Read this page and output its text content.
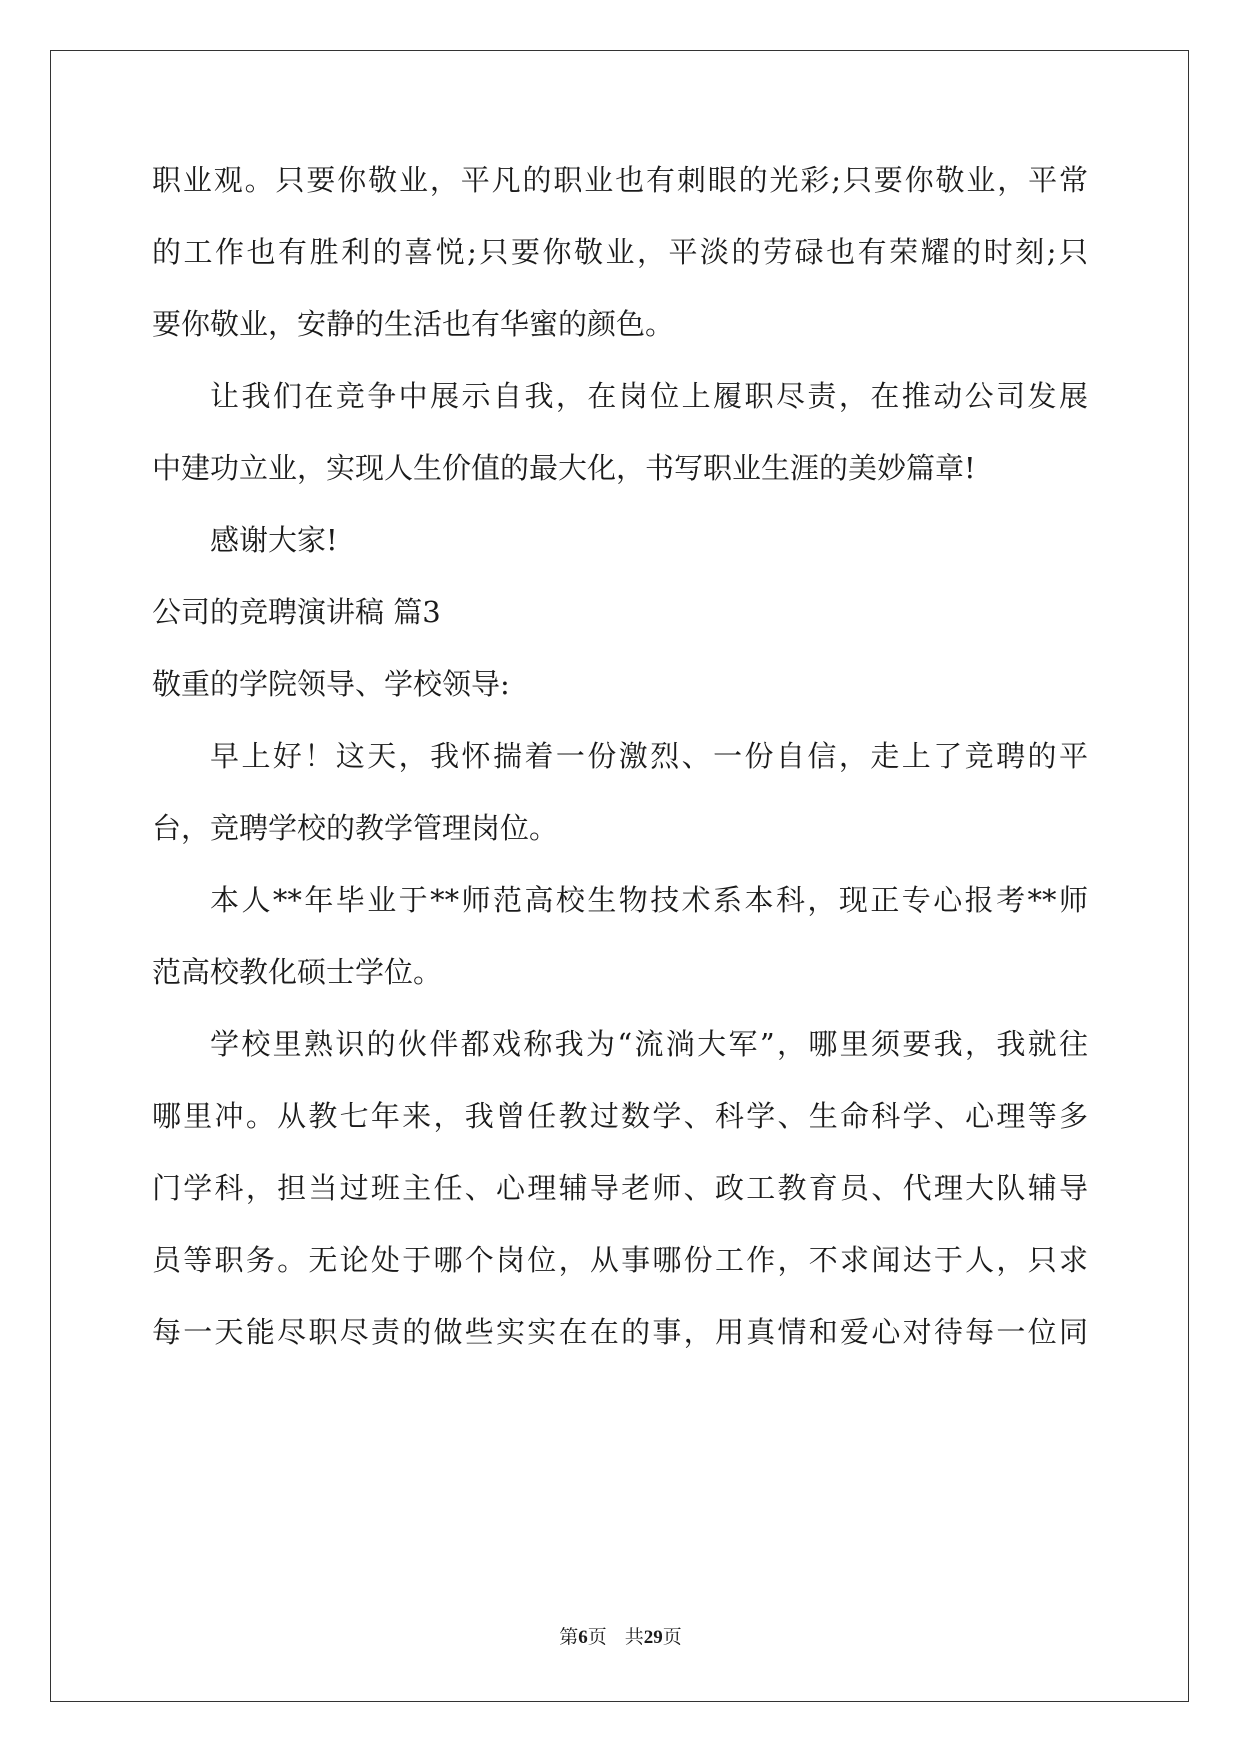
职业观。只要你敬业，平凡的职业也有刺眼的光彩;只要你敬业，平常
的工作也有胜利的喜悦;只要你敬业，平淡的劳碌也有荣耀的时刻;只
要你敬业，安静的生活也有华蜜的颜色。
让我们在竞争中展示自我，在岗位上履职尽责，在推动公司发展
中建功立业，实现人生价值的最大化，书写职业生涯的美妙篇章!
感谢大家!
公司的竞聘演讲稿 篇3
敬重的学院领导、学校领导:
早上好！这天，我怀揣着一份激烈、一份自信，走上了竞聘的平
台，竞聘学校的教学管理岗位。
本人**年毕业于**师范高校生物技术系本科，现正专心报考**师
范高校教化硕士学位。
学校里熟识的伙伴都戏称我为“流淌大军”，哪里须要我，我就往
哪里冲。从教七年来，我曾任教过数学、科学、生命科学、心理等多
门学科，担当过班主任、心理辅导老师、政工教育员、代理大队辅导
员等职务。无论处于哪个岗位，从事哪份工作，不求闻达于人，只求
每一天能尽职尽责的做些实实在在的事，用真情和爱心对待每一位同
第6页 共29页
